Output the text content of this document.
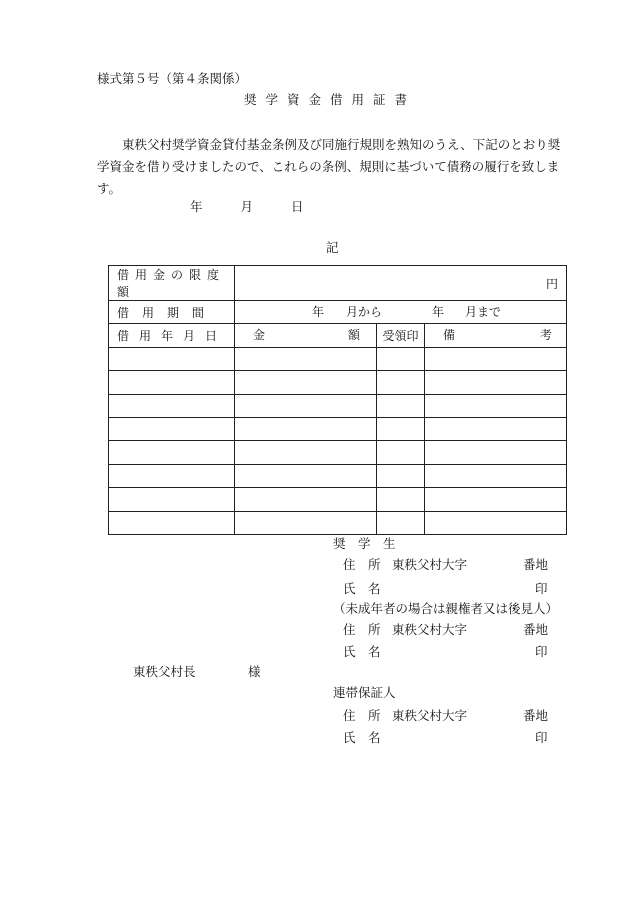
様式第５号（第４条関係）
奨学資金借用証書
東秩父村奨学資金貸付基金条例及び同施行規則を熟知のうえ、下記のとおり奨学資金を借り受けましたので、これらの条例、規則に基づいて債務の履行を致します。
年	月	日
記
借用金の限度額	円		
借 用 期 間	年 月から 年 月まで		

借 用 年 月 日	金 額	受領印	備 考

奨　学　生
住　所 東秩父村大字	番地
氏　名	印
（未成年者の場合は親権者又は後見人）
住　所 東秩父村大字	番地
氏　名	印
東秩父村長	様
連帯保証人
住　所 東秩父村大字	番地
氏　名	印
